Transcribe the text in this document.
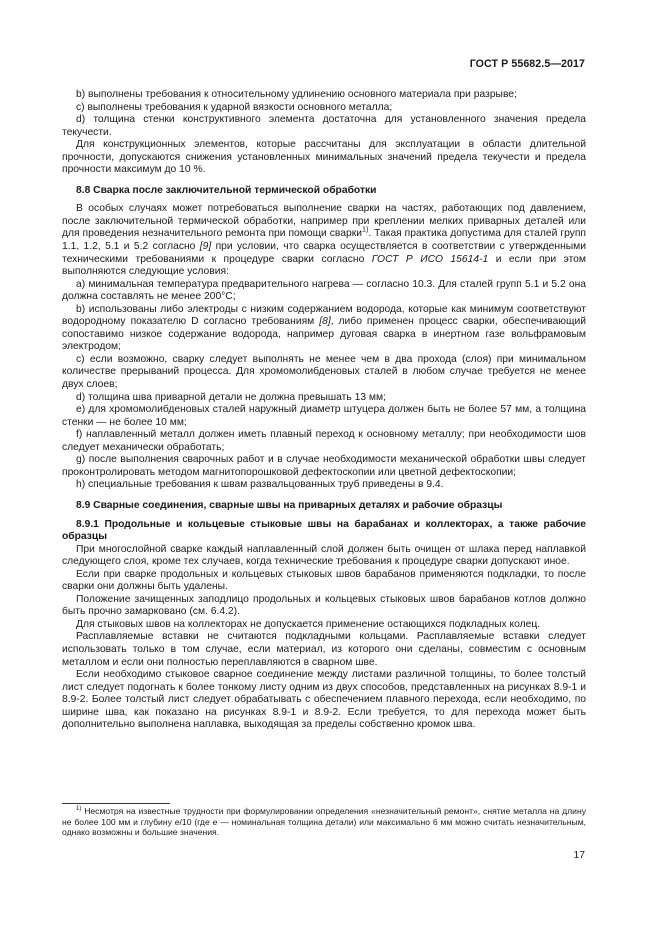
ГОСТ Р 55682.5—2017

b) выполнены требования к относительному удлинению основного материала при разрыве;

c) выполнены требования к ударной вязкости основного металла;

d) толщина стенки конструктивного элемента достаточна для установленного значения предела текучести.

Для конструкционных элементов, которые рассчитаны для эксплуатации в области длительной прочности, допускаются снижения установленных минимальных значений предела текучести и предела прочности максимум до 10 %.

8.8 Сварка после заключительной термической обработки

В особых случаях может потребоваться выполнение сварки на частях, работающих под давлением, после заключительной термической обработки, например при креплении мелких приварных деталей или для проведения незначительного ремонта при помощи сварки$^{1)}$. Такая практика допустима для сталей групп 1.1, 1.2, 5.1 и 5.2 согласно [9] при условии, что сварка осуществляется в соответствии с утвержденными техническими требованиями к процедуре сварки согласно ГОСТ Р ИСО 15614-1 и если при этом выполняются следующие условия:

a) минимальная температура предварительного нагрева — согласно 10.3. Для сталей групп 5.1 и 5.2 она должна составлять не менее 200°С;

b) использованы либо электроды с низким содержанием водорода, которые как минимум соответствуют водородному показателю D согласно требованиям [8], либо применен процесс сварки, обеспечивающий сопоставимо низкое содержание водорода, например дуговая сварка в инертном газе вольфрамовым электродом;

c) если возможно, сварку следует выполнять не менее чем в два прохода (слоя) при минимальном количестве прерываний процесса. Для хромомолибденовых сталей в любом случае требуется не менее двух слоев;

d) толщина шва приварной детали не должна превышать 13 мм;

e) для хромомолибденовых сталей наружный диаметр штуцера должен быть не более 57 мм, а толщина стенки — не более 10 мм;

f) наплавленный металл должен иметь плавный переход к основному металлу; при необходимости шов следует механически обработать;

g) после выполнения сварочных работ и в случае необходимости механической обработки швы следует проконтролировать методом магнитопорошковой дефектоскопии или цветной дефектоскопии;

h) специальные требования к швам развальцованных труб приведены в 9.4.

8.9 Сварные соединения, сварные швы на приварных деталях и рабочие образцы
8.9.1 Продольные и кольцевые стыковые швы на барабанах и коллекторах, а также рабочие образцы

При многослойной сварке каждый наплавленный слой должен быть очищен от шлака перед наплавкой следующего слоя, кроме тех случаев, когда технические требования к процедуре сварки допускают иное.

Если при сварке продольных и кольцевых стыковых швов барабанов применяются подкладки, то после сварки они должны быть удалены.

Положение зачищенных заподлицо продольных и кольцевых стыковых швов барабанов котлов должно быть прочно замарковано (см. 6.4.2).

Для стыковых швов на коллекторах не допускается применение остающихся подкладных колец.

Расплавляемые вставки не считаются подкладными кольцами. Расплавляемые вставки следует использовать только в том случае, если материал, из которого они сделаны, совместим с основным металлом и если они полностью переплавляются в сварном шве.

Если необходимо стыковое сварное соединение между листами различной толщины, то более толстый лист следует подогнать к более тонкому листу одним из двух способов, представленных на рисунках 8.9-1 и 8.9-2. Более толстый лист следует обрабатывать с обеспечением плавного перехода, если необходимо, по ширине шва, как показано на рисунках 8.9-1 и 8.9-2. Если требуется, то для перехода может быть дополнительно выполнена наплавка, выходящая за пределы собственно кромок шва.

$^{1)}$ Несмотря на известные трудности при формулировании определения «незначительный ремонт», снятие металла на длину не более 100 мм и глубину е/10 (где е — номинальная толщина детали) или максимально 6 мм можно считать незначительным, однако возможны и большие значения.

17
